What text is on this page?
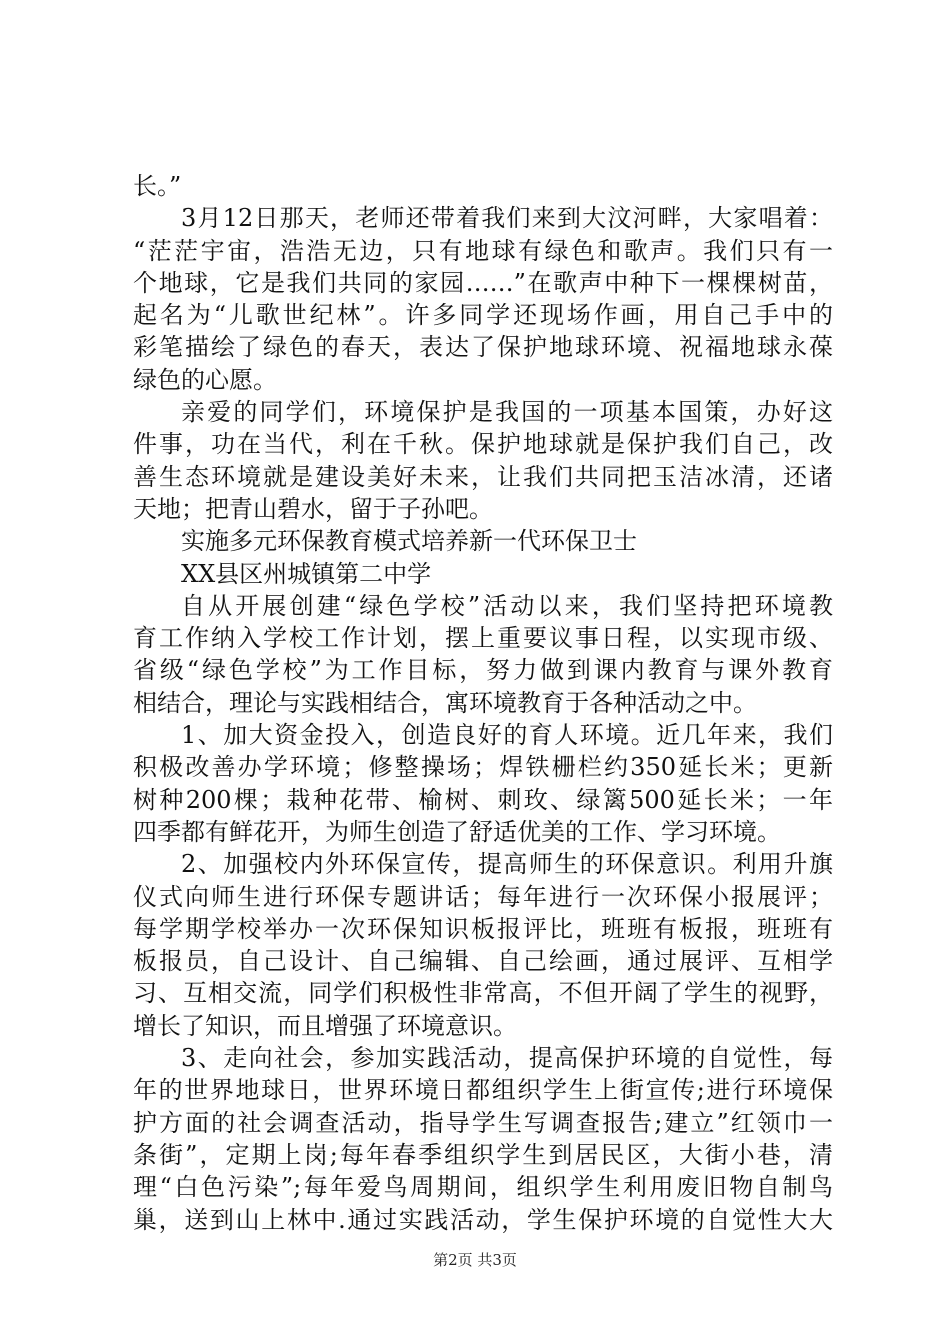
长。”
3月12日那天，老师还带着我们来到大汶河畔，大家唱着：
“茫茫宇宙，浩浩无边，只有地球有绿色和歌声。我们只有一
个地球，它是我们共同的家园……”在歌声中种下一棵棵树苗，
起名为“儿歌世纪林”。许多同学还现场作画，用自己手中的
彩笔描绘了绿色的春天，表达了保护地球环境、祝福地球永葆
绿色的心愿。
亲爱的同学们，环境保护是我国的一项基本国策，办好这
件事，功在当代，利在千秋。保护地球就是保护我们自己，改
善生态环境就是建设美好未来，让我们共同把玉洁冰清，还诸
天地；把青山碧水，留于子孙吧。
实施多元环保教育模式培养新一代环保卫士
XX县区州城镇第二中学
自从开展创建“绿色学校”活动以来，我们坚持把环境教
育工作纳入学校工作计划，摆上重要议事日程，以实现市级、
省级“绿色学校”为工作目标，努力做到课内教育与课外教育
相结合，理论与实践相结合，寓环境教育于各种活动之中。
1、加大资金投入，创造良好的育人环境。近几年来，我们
积极改善办学环境；修整操场；焊铁栅栏约350延长米；更新
树种200棵；栽种花带、榆树、刺玫、绿篱500延长米；一年
四季都有鲜花开，为师生创造了舒适优美的工作、学习环境。
2、加强校内外环保宣传，提高师生的环保意识。利用升旗
仪式向师生进行环保专题讲话；每年进行一次环保小报展评；
每学期学校举办一次环保知识板报评比，班班有板报，班班有
板报员，自己设计、自己编辑、自己绘画，通过展评、互相学
习、互相交流，同学们积极性非常高，不但开阔了学生的视野，
增长了知识，而且增强了环境意识。
3、走向社会，参加实践活动，提高保护环境的自觉性，每
年的世界地球日，世界环境日都组织学生上街宣传;进行环境保
护方面的社会调查活动，指导学生写调查报告;建立”红领巾一
条街”，定期上岗;每年春季组织学生到居民区，大街小巷，清
理“白色污染”;每年爱鸟周期间，组织学生利用废旧物自制鸟
巢，送到山上林中.通过实践活动，学生保护环境的自觉性大大
第2页 共3页
